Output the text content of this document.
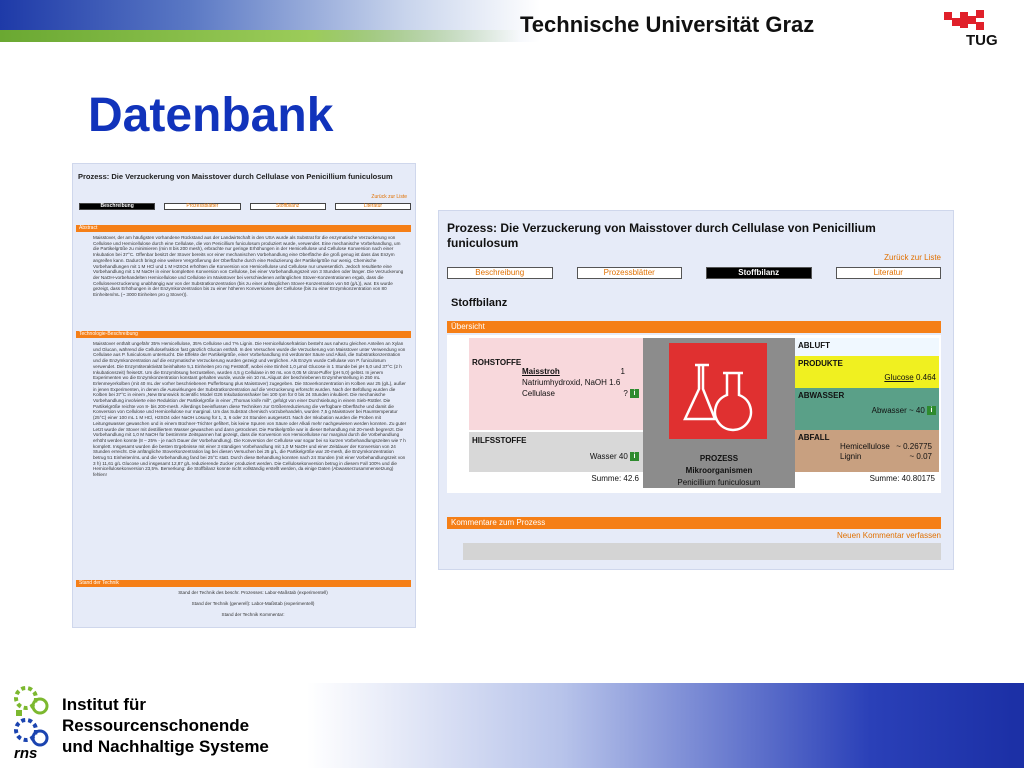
Technische Universität Graz
TUG
Datenbank
Prozess: Die Verzuckerung von Maisstover durch Cellulase von Penicillium funiculosum
Zurück zur Liste
Beschreibung	Prozessblätter	Stoffbilanz	Literatur
Abstract
Maisstover, der am häufigsten vorhandene Rückstand aus der Landwirtschaft in den USA wurde als Substrat für die enzymatische Verzuckerung von Cellulose und Hemicellulose durch eine Cellulase, die von Penicillium funiculosum produziert wurde, verwendet. Eine mechanische Vorbehandlung, um die Partikelgröße zu minimieren (min 8 bis 200 mesh), erbrachte nur geringe Erhöhungen in der Hemicellulose und Cellulose Konversion nach einer Inkubation bei 37°C. Offenbar besitzt der Stover bereits vor einer mechanischen Vorbehandlung eine Oberfläche die groß genug ist dass das Enzym angreifen kann. Dadurch bringt eine weitere Vergrößerung der Oberfläche durch eine Reduzierung der Partikelgröße nur wenig. Chemische Vorbehandlungen mit 1 M HCl und 1 M H2SO4 erhöhten die Konversion von Hemicellulose und Cellulose nur unwesentlich. Jedoch resultierte eine Vorbehandlung mit 1 M NaOH in einer kompletten Konversion von Cellulose, bei einer Vorbehandlungszeit von 3 Stunden oder länger. Die Verzuckerung der NaOH-vorbehandelten Hemicellulose und Cellulose im Maisstover bei verschiedenen anfänglichen Stover-Konzentrationen ergab, dass die Celluloseverzuckerung unabhängig war von der Substratkonzentration (bis zu einer anfänglichen Stover-Konzentration von 50 (g/L)), war. Es wurde gezeigt, dass Erhöhungen in der Enzymkonzentration bis zu einer höheren Konversionen der Cellulose (bis zu einer Enzymkonzentration von 80 Einheiten/mL (~ 3000 Einheiten pro g Stover)).
Technologie-Beschreibung
Maisstover enthält ungefähr 35% Hemicellulose, 35% Cellulose und 7% Lignin. Die Hemicellulosefraktion besteht aus nahezu gleichen Anteilen an Xylan und Glucan, während die Cellulosefraktion fast gänzlich Glucan enthält. In den Versuchen wurde die Verzuckerung von Maisstover unter Verwendung von Cellulase aus P. funiculosum untersucht. Die Effekte der Partikelgröße, einer Vorbehandlung mit verdünnter Säure und Alkali, die Substratkonzentration und die Enzymkonzentration auf die enzymatische Verzuckerung wurden gezeigt und verglichen. Als Enzym wurde Cellulase von P. funiculosum verwendet. Die Enzymtiteraktivität beinhaltete 5,1 Einheiten pro mg Feststoff, wobei eine Einheit 1,0 µmol Glucose in 1 Stunde bei pH 5,0 und 37°C (2 h Inkubationszeit) freisetzt. Um die Enzymlösung herzustellen, wurden 4,5 g Cellulase in 90 mL von 0,05 M citrat-Puffer (pH 5,0) gelöst. In jenem Experimenten wo die Enzymkonzentration konstant gehalten wurde, wurde ein 10 mL Aliquot der beschriebenen Enzymherstellung in 250 mL Erlenmeyerkolben (mit 40 mL der vorher beschriebenen Pufferlösung plus Maisstover) zugegeben. Die Stoverkonzentration im Kolben war 25 (g/L), außer in jenen Experimenten, in denen die Auswirkungen der Substratkonzentration auf die Verzuckerung erforscht wurden. Nach der Befüllung wurden die Kolben bei 37°C in einem „New Brunswick Scientific Model G26 Inkubationsshaker bei 100 rpm für 0 bis 24 Stunden inkubiert. Die mechanische Vorbehandlung involvierte eine Reduktion der Partikelgröße in einer „Thomas knife mill“, gefolgt von einer Durchsiebung in einem Sieb-Rüttler. Die Partikelgröße reichte von 8- bis 200-mesh. Allerdings beeinflussen diese Techniken zur Größenreduzierung die verfügbare Oberfläche und damit die Konversion von Cellulose und Hemicellulose nur marginal. Um das Substrat chemisch vorzubehandeln, wurden 7,5 g Maisstover bei Raumtemperatur (25°C) einer 100 mL 1 M HCl, H2SO4 oder NaOH Lösung für 1, 3, 6 oder 24 Stunden ausgesetzt. Nach der Inkubation wurden die Proben mit Leitungswasser gewaschen und in einem Büchner-Trichter gefiltert, bis keine Spuren von Säure oder Alkali mehr nachgewiesen werden konnten. Zu guter Letzt wurde der Stover mit destilliertem Wasser gewaschen und dann getrocknet. Die Partikelgröße war in dieser Behandlung mit 20-mesh begrenzt. Die Vorbehandlung mit 1,0 M NaOH für bestimmte Zeitspannen hat gezeigt, dass die Konversion von Hemicellulose nur marginal durch die Vorbehandlung erhöht werden konnte (8 – 25% - je nach Dauer der Vorbehandlung). Die Konversion der Cellulose war sogar bei so kurzen Vorbehandlungszeiten wie 7 h komplett. Insgesamt wurden die besten Ergebnisse mit einer 3 stündigen Vorbehandlung mit 1,0 M NaOH und einer Zeitdauer der Konversion von 24 Stunden erreicht. Die anfängliche Stoverkonzentration lag bei diesen Versuchen bei 25 g/L, die Partikelgröße war 20-mesh, die Enzymkonzentration betrug 51 Einheiten/mL und die Vorbehandlung fand bei 25°C statt. Durch diese Behandlung konnten nach 24 Stunden (mit einer Vorbehandlungszeit von 3 h) 11,61 g/L Glucose und insgesamt 12,87 g/L reduzierende Zucker produziert werden. Die Cellulosekonversion betrug in diesem Fall 100% und die Hemicellulosekonversion 23,5%. Bemerkung: die Stoffbilanz konnte nicht vollständig erstellt werden, da einige Daten (Abwasserzusammensetzung) fehlen!
Stand der Technik
Stand der Technik des beschr. Prozesses: Labor-Maßstab (experimentell)
Stand der Technik (generell): Labor-Maßstab (experimentell)
Stand der Technik Kommentar:
Prozess: Die Verzuckerung von Maisstover durch Cellulase von Penicillium funiculosum
Zurück zur Liste
Beschreibung	Prozessblätter	Stoffbilanz	Literatur
Stoffbilanz
Übersicht
ROHSTOFFE
Maisstroh	1
Natriumhydroxid, NaOH 1.6
Cellulase	? i
HILFSSTOFFE
Wasser 40 i
Summe: 42.6
PROZESS
Mikroorganismen
Penicillium funiculosum
ABLUFT
PRODUKTE
Glucose 0.464
ABWASSER
Abwasser ~ 40 i
ABFALL
Hemicellulose ~ 0.26775
Lignin	~ 0.07
Summe: 40.80175
Kommentare zum Prozess
Neuen Kommentar verfassen
rns
Institut für
Ressourcenschonende
und Nachhaltige Systeme
